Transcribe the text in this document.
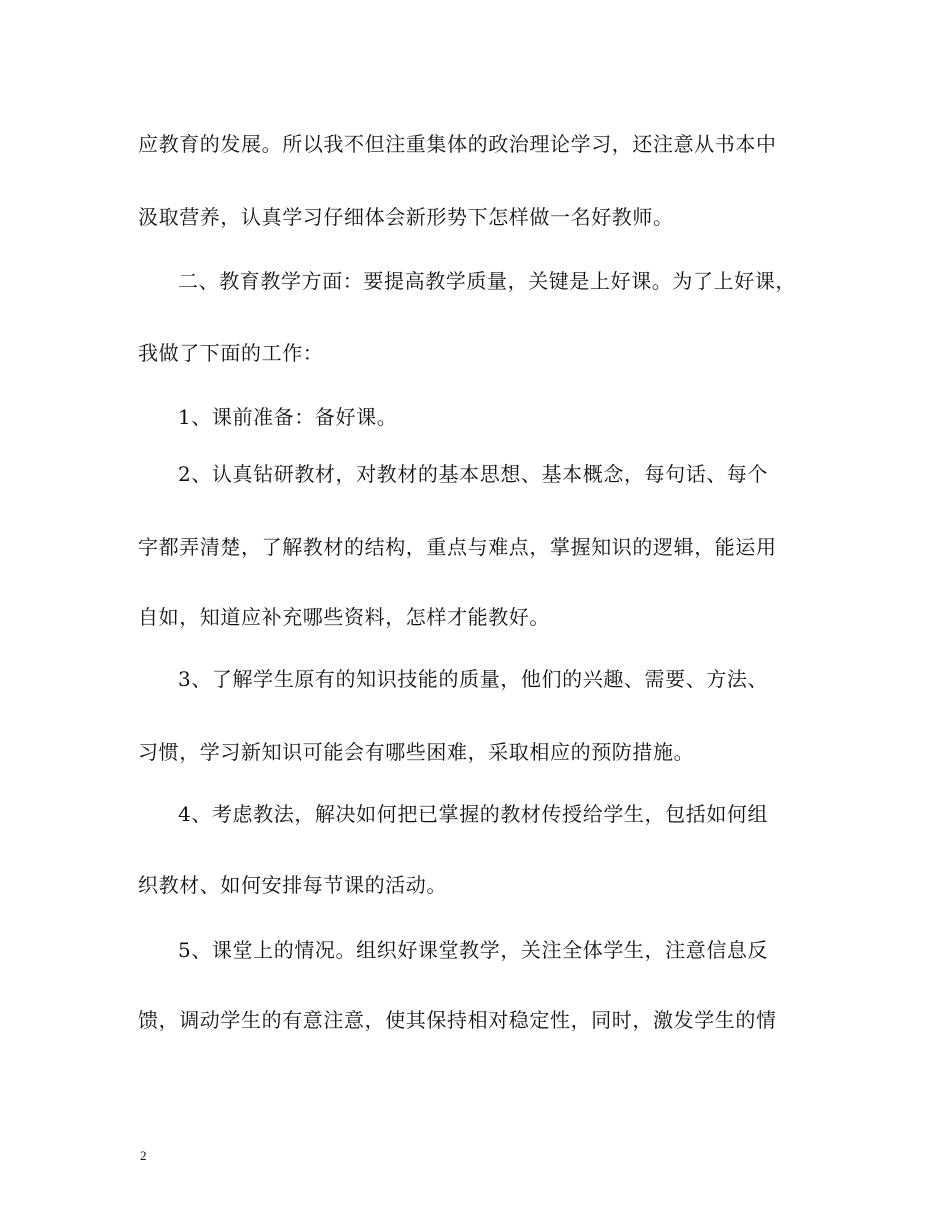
应教育的发展。所以我不但注重集体的政治理论学习，还注意从书本中
汲取营养，认真学习仔细体会新形势下怎样做一名好教师。
二、教育教学方面：要提高教学质量，关键是上好课。为了上好课，
我做了下面的工作：
1、课前准备：备好课。
2、认真钻研教材，对教材的基本思想、基本概念，每句话、每个
字都弄清楚，了解教材的结构，重点与难点，掌握知识的逻辑，能运用
自如，知道应补充哪些资料，怎样才能教好。
3、了解学生原有的知识技能的质量，他们的兴趣、需要、方法、
习惯，学习新知识可能会有哪些困难，采取相应的预防措施。
4、考虑教法，解决如何把已掌握的教材传授给学生，包括如何组
织教材、如何安排每节课的活动。
5、课堂上的情况。组织好课堂教学，关注全体学生，注意信息反
馈，调动学生的有意注意，使其保持相对稳定性，同时，激发学生的情
2
